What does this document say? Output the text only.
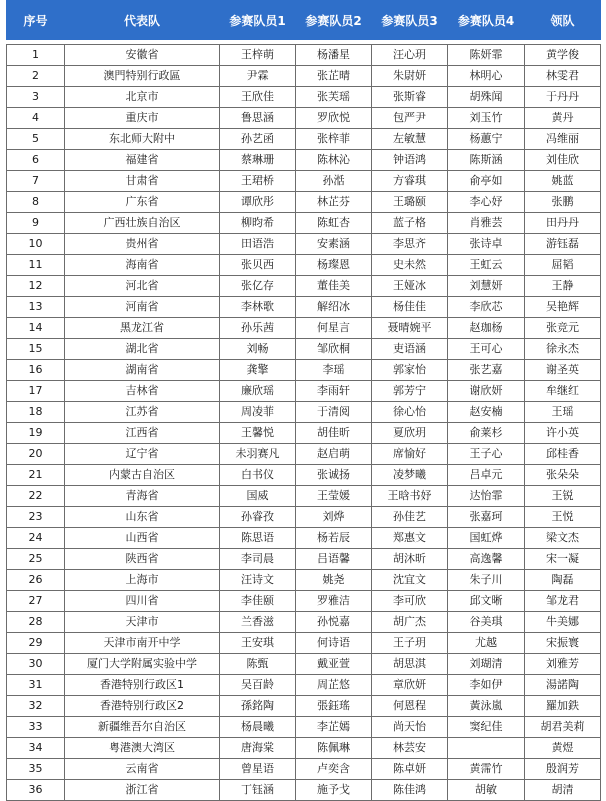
序号	代表队	参赛队员1	参赛队员2	参赛队员3	参赛队员4	领队

1	安徽省	王梓萌	杨潘星	汪心玥	陈妍霏	黄学俊
2	澳門特别行政區	尹霖	张芷晴	朱尉妍	林明心	林雯君
3	北京市	王欣佳	张芙瑶	张斯睿	胡殊闻	于丹丹
4	重庆市	鲁思涵	罗欣悦	包严尹	刘玉竹	黄丹
5	东北师大附中	孙艺函	张梓菲	左敏慧	杨蕙宁	冯维丽
6	福建省	蔡琳珊	陈林沁	钟语鸿	陈斯涵	刘佳欣
7	甘肃省	王珺桥	孙湉	方睿琪	俞亭如	姚蓝
8	广东省	谭欣彤	林芷芬	王璐颐	李心妤	张鹏
9	广西壮族自治区	柳昀希	陈虹杏	蓝子格	肖雅芸	田丹丹
10	贵州省	田语浩	安素涵	李思齐	张诗卓	游钰磊
11	海南省	张贝西	杨璨恩	史未然	王虹云	屈韬
12	河北省	张亿存	董佳美	王娅冰	刘慧妍	王静
13	河南省	李林歌	解绍冰	杨佳佳	李欣芯	吴艳辉
14	黑龙江省	孙乐茜	何星言	聂晴婉平	赵珈杨	张竞元
15	湖北省	刘畅	邹欣桐	吏语涵	王可心	徐永杰
16	湖南省	龚擎	李瑶	郭家怡	张艺嘉	谢圣英
17	吉林省	廉欣瑶	李雨轩	郭芳宁	谢欣妍	牟继红
18	江苏省	周凌菲	于清阅	徐心怡	赵安楠	王瑶
19	江西省	王馨悦	胡佳昕	夏欣玥	俞莱杉	许小英
20	辽宁省	未羽赛凡	赵启萌	席愉好	王子心	邱桂香
21	内蒙古自治区	白书仪	张诚扬	凌梦曦	吕卓元	张朵朵
22	青海省	国威	王莹媛	王晗书妤	达怡霏	王锐
23	山东省	孙睿孜	刘烨	孙佳艺	张嘉珂	王悦
24	山西省	陈思语	杨若辰	郑惠文	国虹烨	梁文杰
25	陕西省	李司晨	吕语馨	胡沐昕	高逸馨	宋一凝
26	上海市	汪诗文	姚尧	沈宜文	朱子川	陶磊
27	四川省	李佳颐	罗雅洁	李可欣	邱文晰	邹龙君
28	天津市	兰香滋	孙悦嘉	胡广杰	谷美琪	牛美娜
29	天津市南开中学	王安琪	何诗语	王子玥	尤越	宋振寰
30	厦门大学附属实验中学	陈甄	戴亚萱	胡思淇	刘瑚清	刘雅芳
31	香港特别行政区1	吴百龄	周芷悠	章欣妍	李如伊	湯諾陶
32	香港特别行政区2	孫銘陶	張鈺瑤	何恩程	黃泳嵐	羅加鉄
33	新疆维吾尔自治区	杨晨曦	李芷嫣	尚天怡	窦纪佳	胡君美莉
34	粤港澳大湾区	唐海棠	陈佩琳	林芸安		黄煜
35	云南省	曾星语	卢奕含	陈卓妍	黄霈竹	殷润芳
36	浙江省	丁钰涵	施予戈	陈佳鸿	胡敏	胡清
